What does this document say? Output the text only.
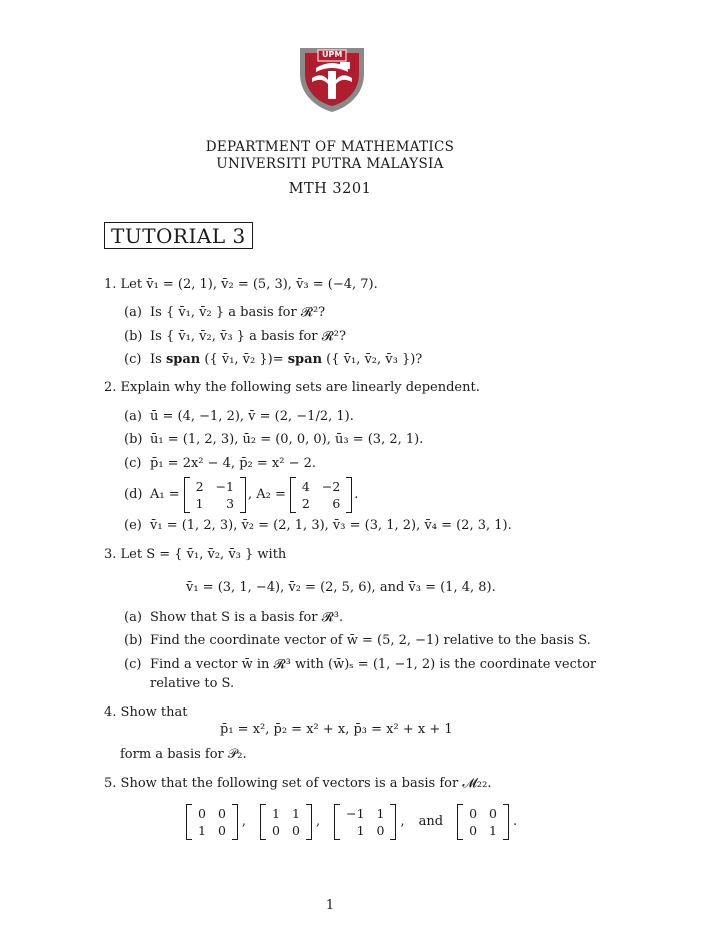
UPM
DEPARTMENT OF MATHEMATICS
UNIVERSITI PUTRA MALAYSIA
MTH 3201
TUTORIAL 3
1. Let v̄₁ = (2, 1), v̄₂ = (5, 3), v̄₃ = (−4, 7).
(a) Is { v̄₁, v̄₂ } a basis for 𝓡²?
(b) Is { v̄₁, v̄₂, v̄₃ } a basis for 𝓡²?
(c) Is span ({ v̄₁, v̄₂ })= span ({ v̄₁, v̄₂, v̄₃ })?
2. Explain why the following sets are linearly dependent.
(a) ū = (4, −1, 2), v̄ = (2, −1/2, 1).
(b) ū₁ = (1, 2, 3), ū₂ = (0, 0, 0), ū₃ = (3, 2, 1).
(c) p̄₁ = 2x² − 4, p̄₂ = x² − 2.
(d) A₁ =
2 −1
1	3
, A₂ =
4 −2
2	6
.
(e) v̄₁ = (1, 2, 3), v̄₂ = (2, 1, 3), v̄₃ = (3, 1, 2), v̄₄ = (2, 3, 1).
3. Let S = { v̄₁, v̄₂, v̄₃ } with
v̄₁ = (3, 1, −4), v̄₂ = (2, 5, 6), and v̄₃ = (1, 4, 8).
(a) Show that S is a basis for 𝓡³.
(b) Find the coordinate vector of w̄ = (5, 2, −1) relative to the basis S.
(c) Find a vector w̄ in 𝓡³ with (w̄)ₛ = (1, −1, 2) is the coordinate vector
relative to S.
4. Show that
p̄₁ = x², p̄₂ = x² + x, p̄₃ = x² + x + 1
form a basis for 𝒫₂.
5. Show that the following set of vectors is a basis for 𝓜₂₂.
0 0
1 0
,
1 1
0 0
,
−1 1
1 0
, and
0 0
0 1
.
1
